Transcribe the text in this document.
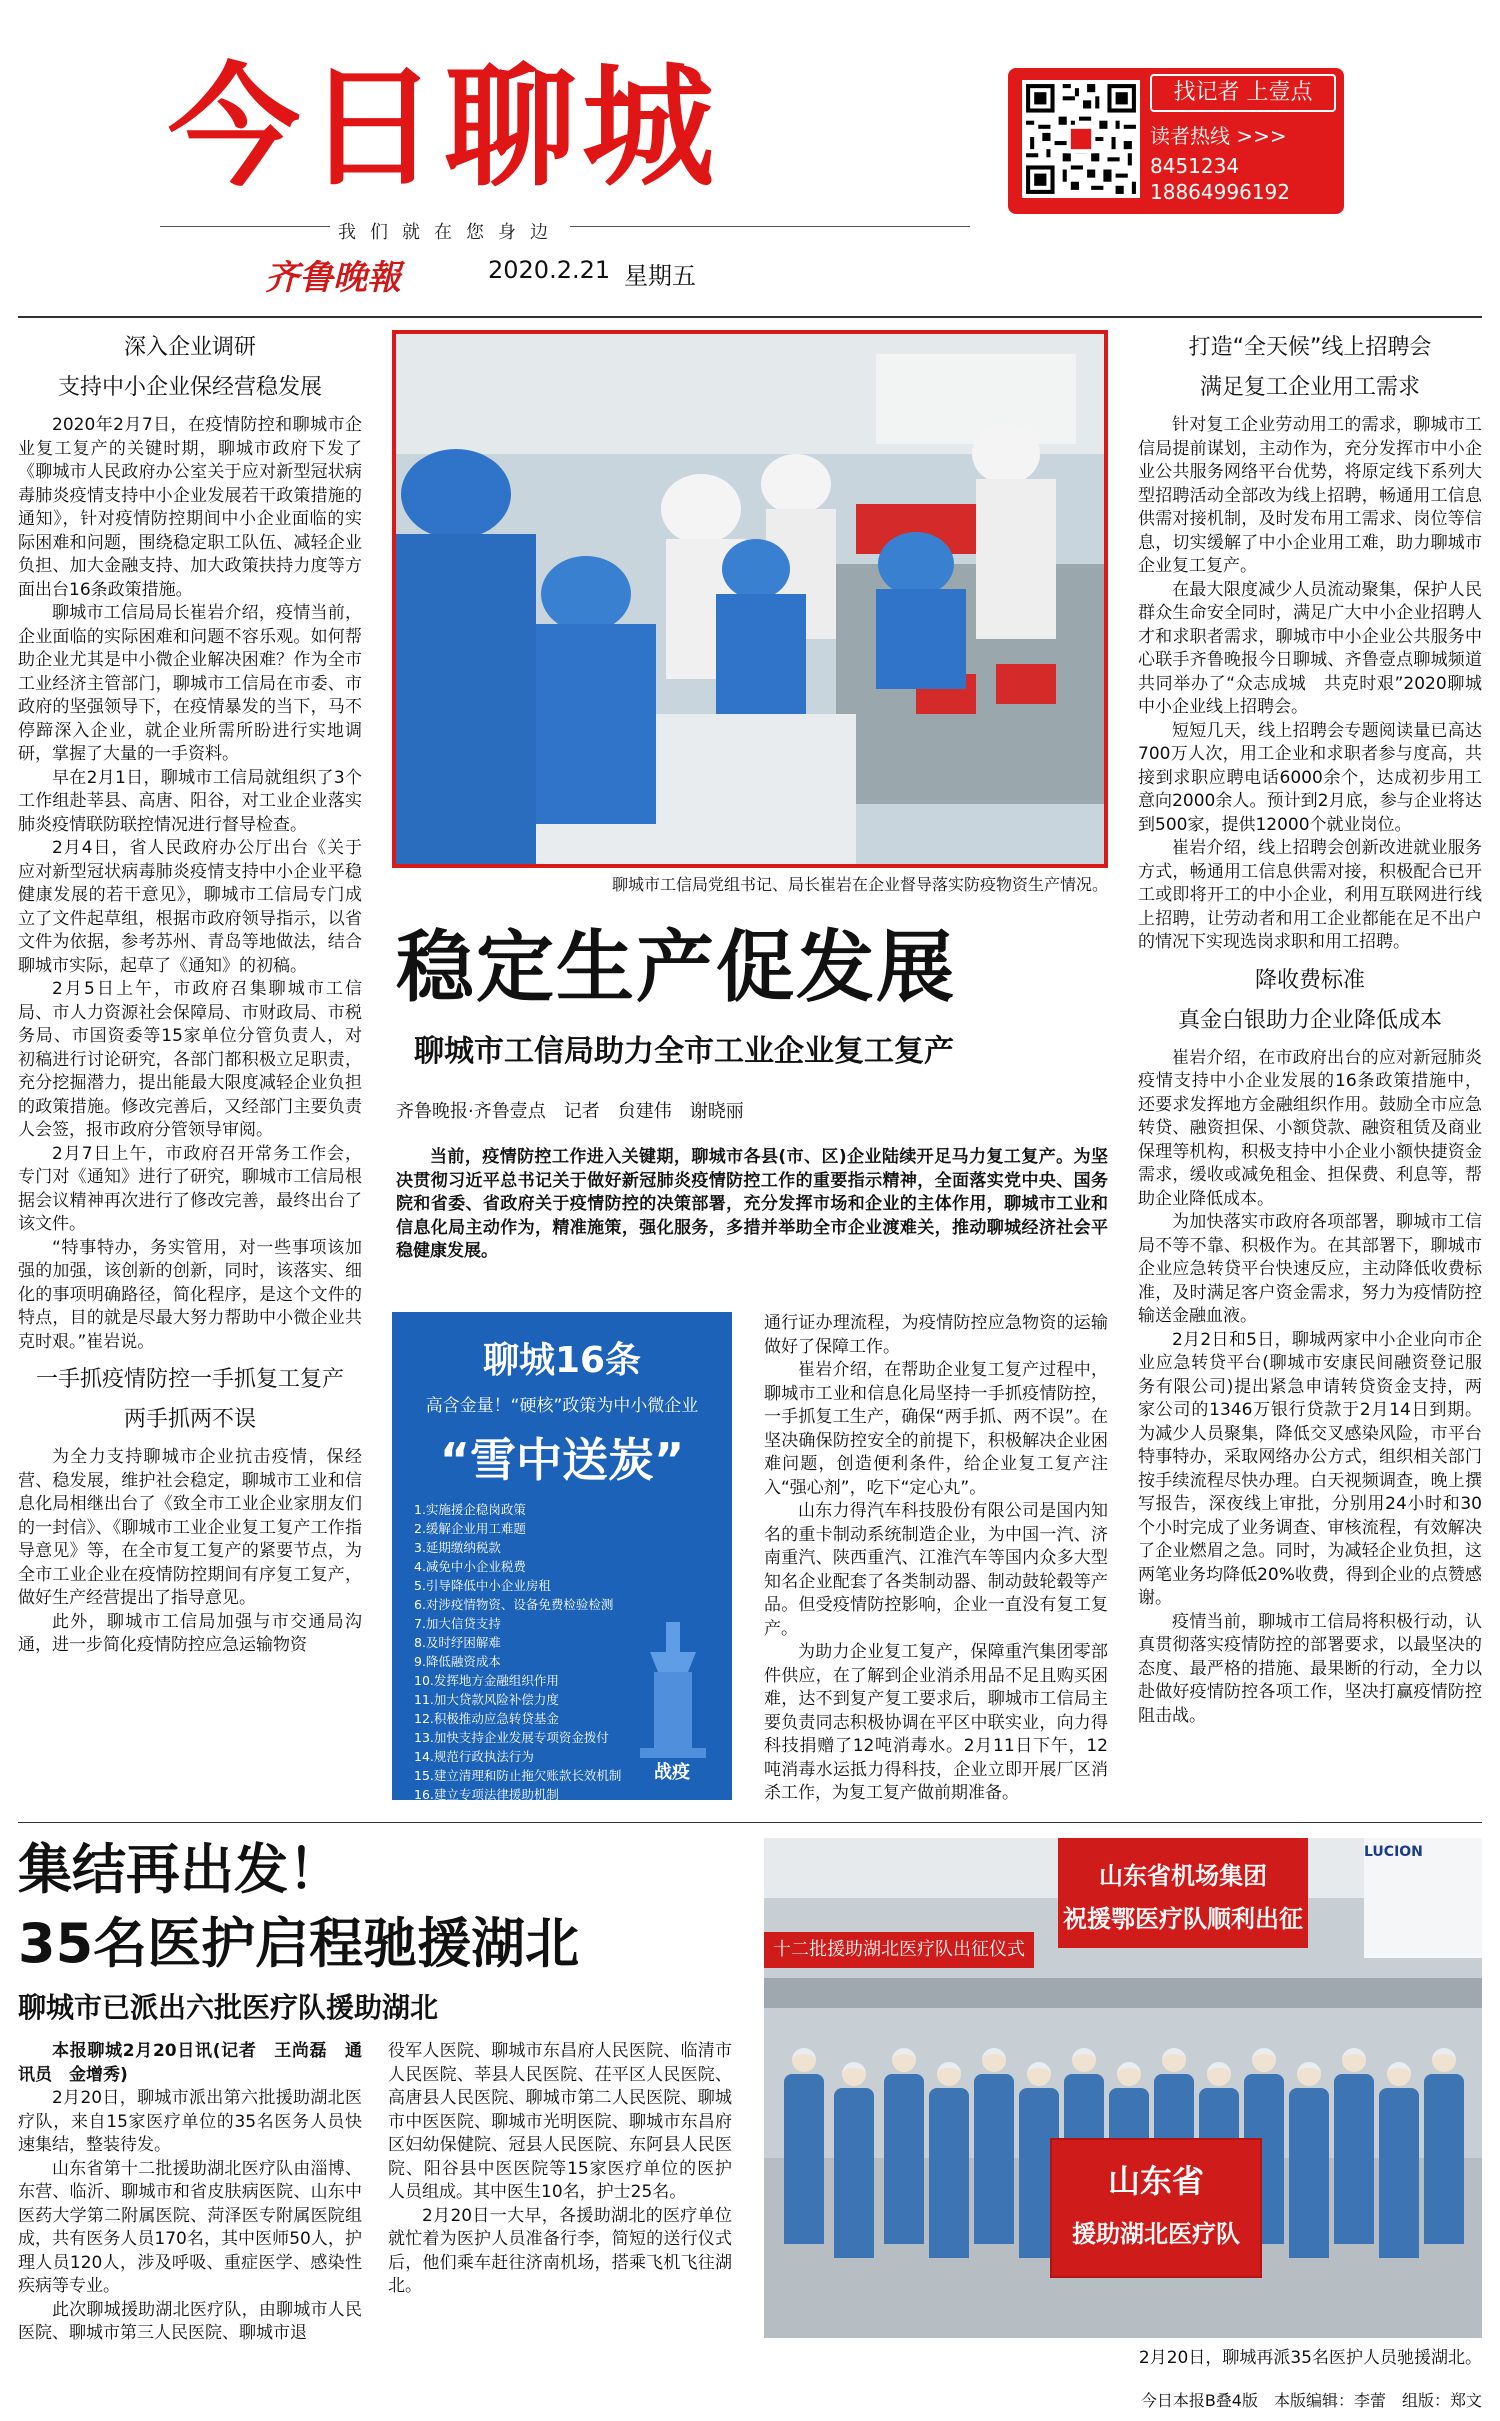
今日聊城
我们就在您身边
齐鲁晚報	2020.2.21 星期五
找记者 上壹点
读者热线 >>>
8451234
18864996192
深入企业调研
支持中小企业保经营稳发展

2020年2月7日，在疫情防控和聊城市企业复工复产的关键时期，聊城市政府下发了《聊城市人民政府办公室关于应对新型冠状病毒肺炎疫情支持中小企业发展若干政策措施的通知》，针对疫情防控期间中小企业面临的实际困难和问题，围绕稳定职工队伍、减轻企业负担、加大金融支持、加大政策扶持力度等方面出台16条政策措施。

聊城市工信局局长崔岩介绍，疫情当前，企业面临的实际困难和问题不容乐观。如何帮助企业尤其是中小微企业解决困难？作为全市工业经济主管部门，聊城市工信局在市委、市政府的坚强领导下，在疫情暴发的当下，马不停蹄深入企业，就企业所需所盼进行实地调研，掌握了大量的一手资料。

早在2月1日，聊城市工信局就组织了3个工作组赴莘县、高唐、阳谷，对工业企业落实肺炎疫情联防联控情况进行督导检查。

2月4日，省人民政府办公厅出台《关于应对新型冠状病毒肺炎疫情支持中小企业平稳健康发展的若干意见》，聊城市工信局专门成立了文件起草组，根据市政府领导指示，以省文件为依据，参考苏州、青岛等地做法，结合聊城市实际，起草了《通知》的初稿。

2月5日上午，市政府召集聊城市工信局、市人力资源社会保障局、市财政局、市税务局、市国资委等15家单位分管负责人，对初稿进行讨论研究，各部门都积极立足职责，充分挖掘潜力，提出能最大限度减轻企业负担的政策措施。修改完善后，又经部门主要负责人会签，报市政府分管领导审阅。

2月7日上午，市政府召开常务工作会，专门对《通知》进行了研究，聊城市工信局根据会议精神再次进行了修改完善，最终出台了该文件。

“特事特办，务实管用，对一些事项该加强的加强，该创新的创新，同时，该落实、细化的事项明确路径，简化程序，是这个文件的特点，目的就是尽最大努力帮助中小微企业共克时艰。”崔岩说。

一手抓疫情防控一手抓复工复产
两手抓两不误

为全力支持聊城市企业抗击疫情，保经营、稳发展，维护社会稳定，聊城市工业和信息化局相继出台了《致全市工业企业家朋友们的一封信》、《聊城市工业企业复工复产工作指导意见》等，在全市复工复产的紧要节点，为全市工业企业在疫情防控期间有序复工复产，做好生产经营提出了指导意见。

此外，聊城市工信局加强与市交通局沟通，进一步简化疫情防控应急运输物资

聊城市工信局党组书记、局长崔岩在企业督导落实防疫物资生产情况。
稳定生产促发展
聊城市工信局助力全市工业企业复工复产
齐鲁晚报·齐鲁壹点　记者　贠建伟　谢晓丽
当前，疫情防控工作进入关键期，聊城市各县(市、区)企业陆续开足马力复工复产。为坚决贯彻习近平总书记关于做好新冠肺炎疫情防控工作的重要指示精神，全面落实党中央、国务院和省委、省政府关于疫情防控的决策部署，充分发挥市场和企业的主体作用，聊城市工业和信息化局主动作为，精准施策，强化服务，多措并举助全市企业渡难关，推动聊城经济社会平稳健康发展。
聊城16条
高含金量！“硬核”政策为中小微企业
“雪中送炭”
1.实施援企稳岗政策
2.缓解企业用工难题
3.延期缴纳税款
4.减免中小企业税费
5.引导降低中小企业房租
6.对涉疫情物资、设备免费检验检测
7.加大信贷支持
8.及时纾困解难
9.降低融资成本
10.发挥地方金融组织作用
11.加大贷款风险补偿力度
12.积极推动应急转贷基金
13.加快支持企业发展专项资金拨付
14.规范行政执法行为
15.建立清理和防止拖欠账款长效机制
16.建立专项法律援助机制
战疫

通行证办理流程，为疫情防控应急物资的运输做好了保障工作。

崔岩介绍，在帮助企业复工复产过程中，聊城市工业和信息化局坚持一手抓疫情防控，一手抓复工生产，确保“两手抓、两不误”。在坚决确保防控安全的前提下，积极解决企业困难问题，创造便利条件，给企业复工复产注入“强心剂”，吃下“定心丸”。

山东力得汽车科技股份有限公司是国内知名的重卡制动系统制造企业，为中国一汽、济南重汽、陕西重汽、江淮汽车等国内众多大型知名企业配套了各类制动器、制动鼓轮毂等产品。但受疫情防控影响，企业一直没有复工复产。

为助力企业复工复产，保障重汽集团零部件供应，在了解到企业消杀用品不足且购买困难，达不到复产复工要求后，聊城市工信局主要负责同志积极协调在平区中联实业，向力得科技捐赠了12吨消毒水。2月11日下午，12吨消毒水运抵力得科技，企业立即开展厂区消杀工作，为复工复产做前期准备。

打造“全天候”线上招聘会
满足复工企业用工需求

针对复工企业劳动用工的需求，聊城市工信局提前谋划，主动作为，充分发挥市中小企业公共服务网络平台优势，将原定线下系列大型招聘活动全部改为线上招聘，畅通用工信息供需对接机制，及时发布用工需求、岗位等信息，切实缓解了中小企业用工难，助力聊城市企业复工复产。

在最大限度减少人员流动聚集，保护人民群众生命安全同时，满足广大中小企业招聘人才和求职者需求，聊城市中小企业公共服务中心联手齐鲁晚报今日聊城、齐鲁壹点聊城频道共同举办了“众志成城　共克时艰”2020聊城中小企业线上招聘会。

短短几天，线上招聘会专题阅读量已高达700万人次，用工企业和求职者参与度高，共接到求职应聘电话6000余个，达成初步用工意向2000余人。预计到2月底，参与企业将达到500家，提供12000个就业岗位。

崔岩介绍，线上招聘会创新改进就业服务方式，畅通用工信息供需对接，积极配合已开工或即将开工的中小企业，利用互联网进行线上招聘，让劳动者和用工企业都能在足不出户的情况下实现选岗求职和用工招聘。

降收费标准
真金白银助力企业降低成本

崔岩介绍，在市政府出台的应对新冠肺炎疫情支持中小企业发展的16条政策措施中，还要求发挥地方金融组织作用。鼓励全市应急转贷、融资担保、小额贷款、融资租赁及商业保理等机构，积极支持中小企业小额快捷资金需求，缓收或减免租金、担保费、利息等，帮助企业降低成本。

为加快落实市政府各项部署，聊城市工信局不等不靠、积极作为。在其部署下，聊城市企业应急转贷平台快速反应，主动降低收费标准，及时满足客户资金需求，努力为疫情防控输送金融血液。

2月2日和5日，聊城两家中小企业向市企业应急转贷平台(聊城市安康民间融资登记服务有限公司)提出紧急申请转贷资金支持，两家公司的1346万银行贷款于2月14日到期。为减少人员聚集，降低交叉感染风险，市平台特事特办，采取网络办公方式，组织相关部门按手续流程尽快办理。白天视频调查，晚上撰写报告，深夜线上审批，分别用24小时和30个小时完成了业务调查、审核流程，有效解决了企业燃眉之急。同时，为减轻企业负担，这两笔业务均降低20%收费，得到企业的点赞感谢。

疫情当前，聊城市工信局将积极行动，认真贯彻落实疫情防控的部署要求，以最坚决的态度、最严格的措施、最果断的行动，全力以赴做好疫情防控各项工作，坚决打赢疫情防控阻击战。

集结再出发！
35名医护启程驰援湖北
聊城市已派出六批医疗队援助湖北

本报聊城2月20日讯(记者　王尚磊　通讯员　金增秀)

2月20日，聊城市派出第六批援助湖北医疗队，来自15家医疗单位的35名医务人员快速集结，整装待发。

山东省第十二批援助湖北医疗队由淄博、东营、临沂、聊城市和省皮肤病医院、山东中医药大学第二附属医院、菏泽医专附属医院组成，共有医务人员170名，其中医师50人，护理人员120人，涉及呼吸、重症医学、感染性疾病等专业。

此次聊城援助湖北医疗队，由聊城市人民医院、聊城市第三人民医院、聊城市退

役军人医院、聊城市东昌府人民医院、临清市人民医院、莘县人民医院、茌平区人民医院、高唐县人民医院、聊城市第二人民医院、聊城市中医医院、聊城市光明医院、聊城市东昌府区妇幼保健院、冠县人民医院、东阿县人民医院、阳谷县中医医院等15家医疗单位的医护人员组成。其中医生10名，护士25名。

2月20日一大早，各援助湖北的医疗单位就忙着为医护人员准备行李，简短的送行仪式后，他们乘车赶往济南机场，搭乘飞机飞往湖北。

山东省机场集团
祝援鄂医疗队顺利出征
十二批援助湖北医疗队出征仪式
LUCION
山东省
援助湖北医疗队
2月20日，聊城再派35名医护人员驰援湖北。
今日本报B叠4版　本版编辑：李蕾　组版：郑文
